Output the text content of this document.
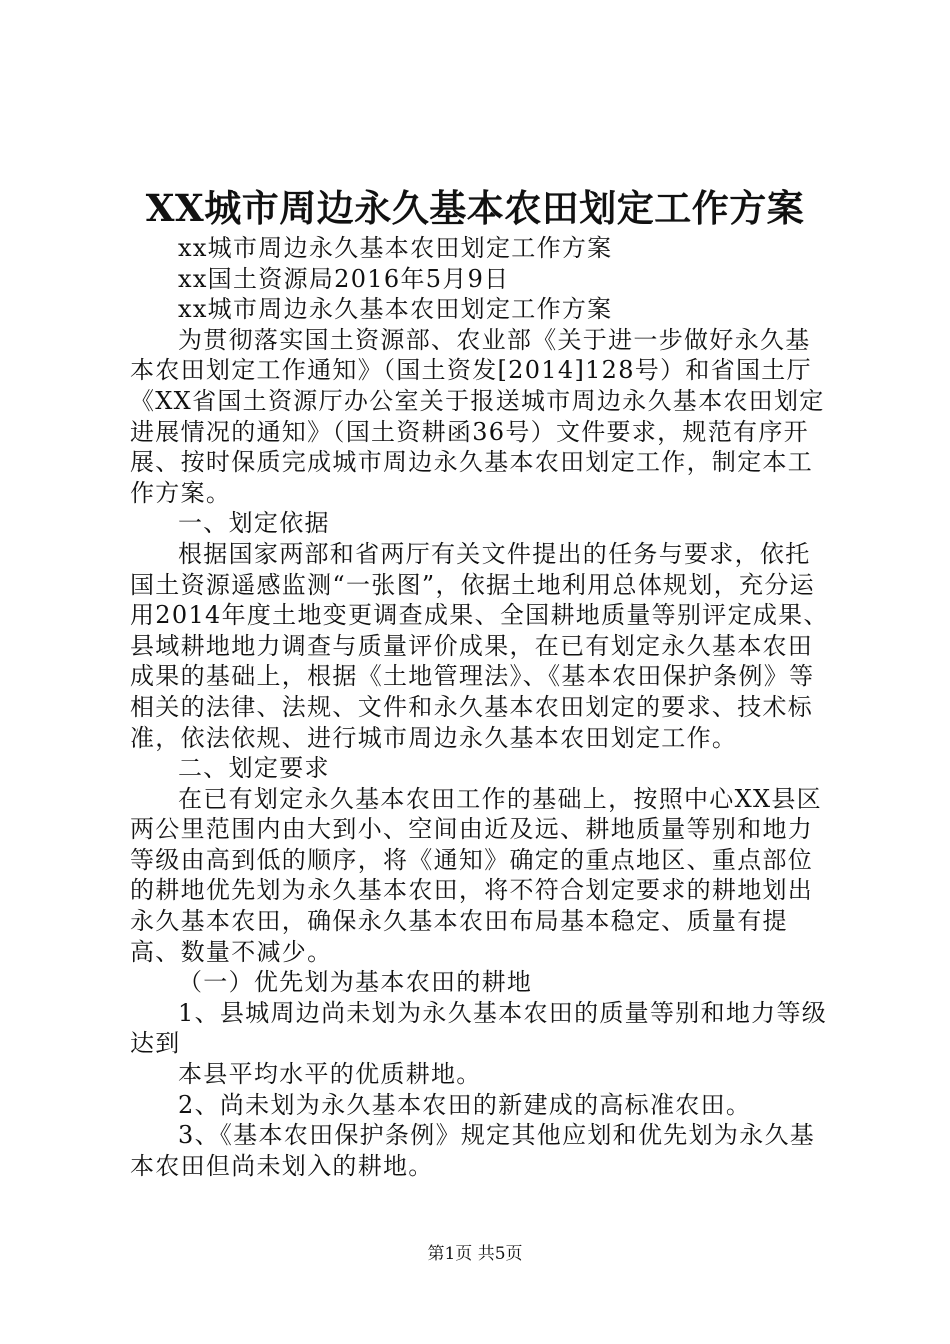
XX城市周边永久基本农田划定工作方案

xx城市周边永久基本农田划定工作方案

xx国土资源局2016年5月9日

xx城市周边永久基本农田划定工作方案

为贯彻落实国土资源部、农业部《关于进一步做好永久基本农田划定工作通知》（国土资发[2014]128号）和省国土厅《XX省国土资源厅办公室关于报送城市周边永久基本农田划定进展情况的通知》（国土资耕函36号）文件要求，规范有序开展、按时保质完成城市周边永久基本农田划定工作，制定本工作方案。

一、划定依据

根据国家两部和省两厅有关文件提出的任务与要求，依托国土资源遥感监测“一张图”，依据土地利用总体规划，充分运用2014年度土地变更调查成果、全国耕地质量等别评定成果、县域耕地地力调查与质量评价成果，在已有划定永久基本农田成果的基础上，根据《土地管理法》、《基本农田保护条例》等相关的法律、法规、文件和永久基本农田划定的要求、技术标准，依法依规、进行城市周边永久基本农田划定工作。

二、划定要求

在已有划定永久基本农田工作的基础上，按照中心XX县区两公里范围内由大到小、空间由近及远、耕地质量等别和地力等级由高到低的顺序，将《通知》确定的重点地区、重点部位的耕地优先划为永久基本农田，将不符合划定要求的耕地划出永久基本农田，确保永久基本农田布局基本稳定、质量有提高、数量不减少。

（一）优先划为基本农田的耕地

1、县城周边尚未划为永久基本农田的质量等别和地力等级达到

本县平均水平的优质耕地。

2、尚未划为永久基本农田的新建成的高标准农田。

3、《基本农田保护条例》规定其他应划和优先划为永久基本农田但尚未划入的耕地。

第1页 共5页
